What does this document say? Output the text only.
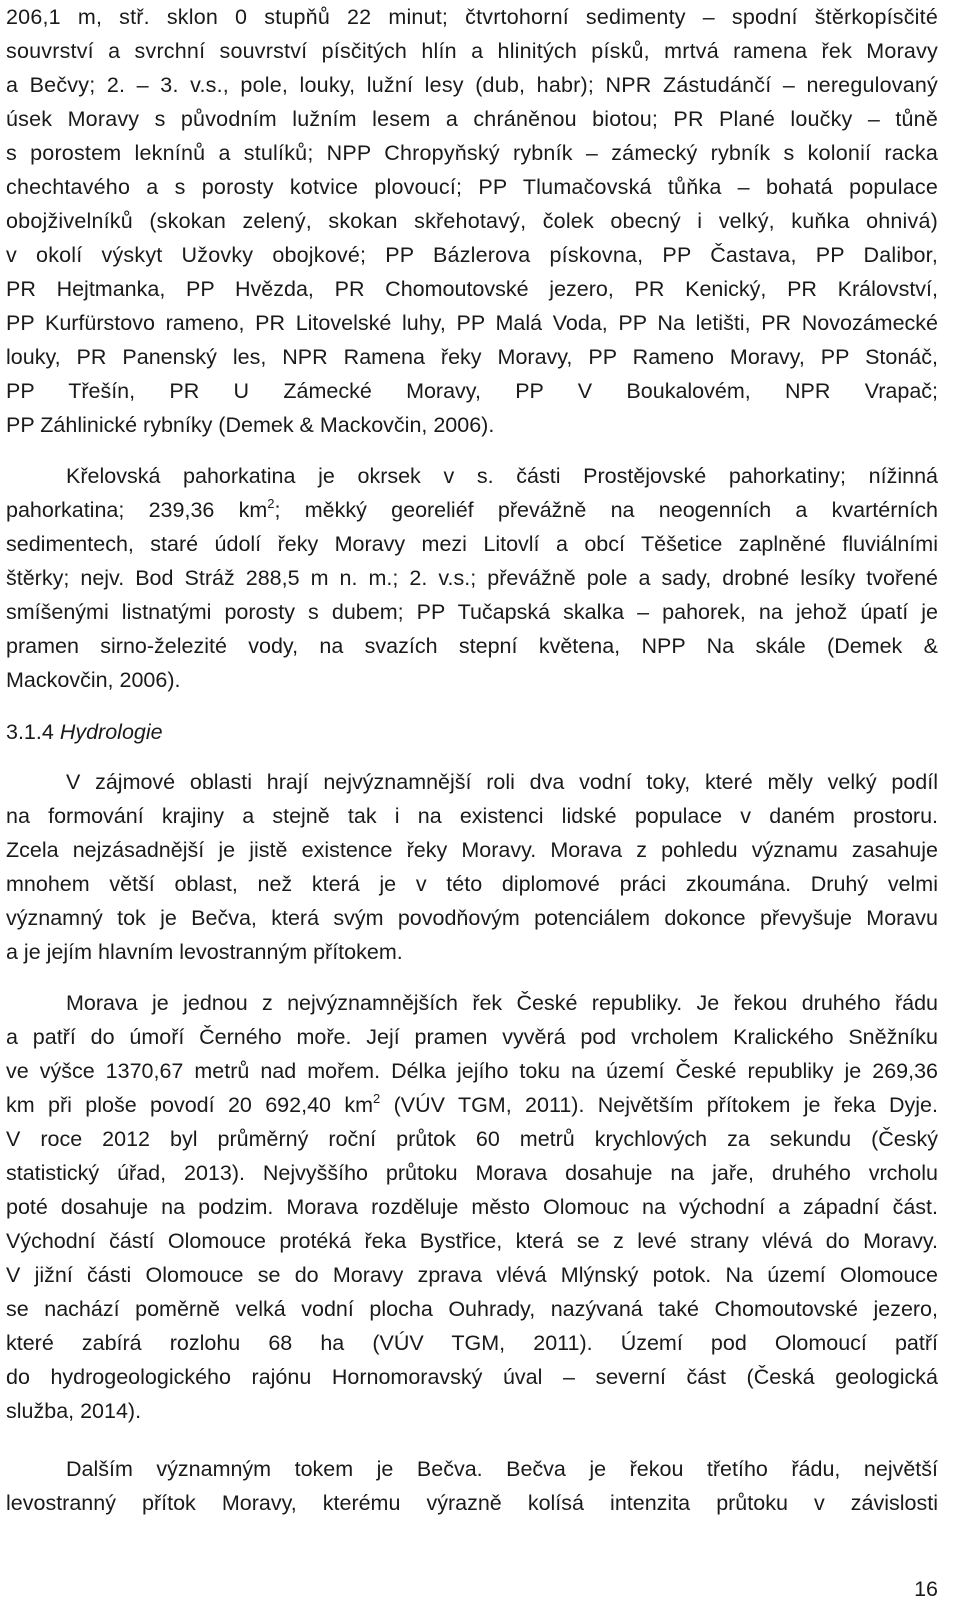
206,1 m, stř. sklon 0 stupňů 22 minut; čtvrtohorní sedimenty – spodní štěrkopísčité
souvrství a svrchní souvrství písčitých hlín a hlinitých písků, mrtvá ramena řek Moravy
a Bečvy; 2. – 3. v.s., pole, louky, lužní lesy (dub, habr); NPR Zástudánčí – neregulovaný
úsek Moravy s původním lužním lesem a chráněnou biotou; PR Plané loučky – tůně
s porostem leknínů a stulíků; NPP Chropyňský rybník – zámecký rybník s kolonií racka
chechtavého a s porosty kotvice plovoucí; PP Tlumačovská tůňka – bohatá populace
obojživelníků (skokan zelený, skokan skřehotavý, čolek obecný i velký, kuňka ohnivá)
v okolí výskyt Užovky obojkové; PP Bázlerova pískovna, PP Častava, PP Dalibor,
PR Hejtmanka, PP Hvězda, PR Chomoutovské jezero, PR Kenický, PR Království,
PP Kurfürstovo rameno, PR Litovelské luhy, PP Malá Voda, PP Na letišti, PR Novozámecké
louky, PR Panenský les, NPR Ramena řeky Moravy, PP Rameno Moravy, PP Stonáč,
PP Třešín, PR U Zámecké Moravy, PP V Boukalovém, NPR Vrapač;
PP Záhlinické rybníky (Demek & Mackovčin, 2006).
Křelovská pahorkatina je okrsek v s. části Prostějovské pahorkatiny; nížinná
pahorkatina; 239,36 $km^2$; měkký georeliéf převážně na neogenních a kvartérních
sedimentech, staré údolí řeky Moravy mezi Litovlí a obcí Těšetice zaplněné fluviálními
štěrky; nejv. Bod Stráž 288,5 m n. m.; 2. v.s.; převážně pole a sady, drobné lesíky tvořené
smíšenými listnatými porosty s dubem; PP Tučapská skalka – pahorek, na jehož úpatí je
pramen sirno-železité vody, na svazích stepní květena, NPP Na skále (Demek &
Mackovčin, 2006).
3.1.4 Hydrologie
V zájmové oblasti hrají nejvýznamnější roli dva vodní toky, které měly velký podíl
na formování krajiny a stejně tak i na existenci lidské populace v daném prostoru.
Zcela nejzásadnější je jistě existence řeky Moravy. Morava z pohledu významu zasahuje
mnohem větší oblast, než která je v této diplomové práci zkoumána. Druhý velmi
významný tok je Bečva, která svým povodňovým potenciálem dokonce převyšuje Moravu
a je jejím hlavním levostranným přítokem.
Morava je jednou z nejvýznamnějších řek České republiky. Je řekou druhého řádu
a patří do úmoří Černého moře. Její pramen vyvěrá pod vrcholem Kralického Sněžníku
ve výšce 1370,67 metrů nad mořem. Délka jejího toku na území České republiky je 269,36
km při ploše povodí 20 692,40 $km^2$ (VÚV TGM, 2011). Největším přítokem je řeka Dyje.
V roce 2012 byl průměrný roční průtok 60 metrů krychlových za sekundu (Český
statistický úřad, 2013). Nejvyššího průtoku Morava dosahuje na jaře, druhého vrcholu
poté dosahuje na podzim. Morava rozděluje město Olomouc na východní a západní část.
Východní částí Olomouce protéká řeka Bystřice, která se z levé strany vlévá do Moravy.
V jižní části Olomouce se do Moravy zprava vlévá Mlýnský potok. Na území Olomouce
se nachází poměrně velká vodní plocha Ouhrady, nazývaná také Chomoutovské jezero,
které zabírá rozlohu 68 ha (VÚV TGM, 2011). Území pod Olomoucí patří
do hydrogeologického rajónu Hornomoravský úval – severní část (Česká geologická
služba, 2014).
Dalším významným tokem je Bečva. Bečva je řekou třetího řádu, největší
levostranný přítok Moravy, kterému výrazně kolísá intenzita průtoku v závislosti
16
